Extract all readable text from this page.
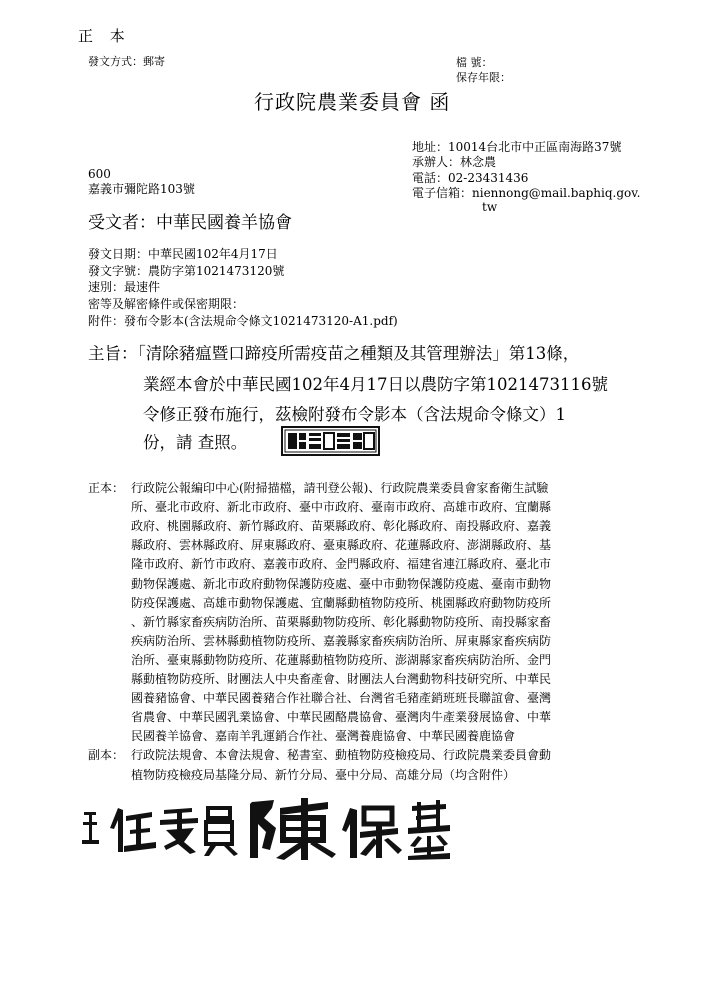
正 本
發文方式：郵寄	檔 號：
保存年限：
行政院農業委員會 函
地址：10014台北市中正區南海路37號
承辦人：林念農
電話：02-23431436
電子信箱：niennong@mail.baphiq.gov.
tw
600
嘉義市彌陀路103號
受文者：中華民國養羊協會
發文日期：中華民國102年4月17日
發文字號：農防字第1021473120號
速別：最速件
密等及解密條件或保密期限：
附件：發布令影本(含法規命令條文1021473120-A1.pdf)
主旨：「清除豬瘟暨口蹄疫所需疫苗之種類及其管理辦法」第13條，
業經本會於中華民國102年4月17日以農防字第1021473116號
令修正發布施行，茲檢附發布令影本（含法規命令條文）1
份，請 查照。
正本： 行政院公報編印中心(附掃描檔，請刊登公報)、行政院農業委員會家畜衛生試驗
所、臺北市政府、新北市政府、臺中市政府、臺南市政府、高雄市政府、宜蘭縣
政府、桃園縣政府、新竹縣政府、苗栗縣政府、彰化縣政府、南投縣政府、嘉義
縣政府、雲林縣政府、屏東縣政府、臺東縣政府、花蓮縣政府、澎湖縣政府、基
隆市政府、新竹市政府、嘉義市政府、金門縣政府、福建省連江縣政府、臺北市
動物保護處、新北市政府動物保護防疫處、臺中市動物保護防疫處、臺南市動物
防疫保護處、高雄市動物保護處、宜蘭縣動植物防疫所、桃園縣政府動物防疫所
、新竹縣家畜疾病防治所、苗栗縣動物防疫所、彰化縣動物防疫所、南投縣家畜
疾病防治所、雲林縣動植物防疫所、嘉義縣家畜疾病防治所、屏東縣家畜疾病防
治所、臺東縣動物防疫所、花蓮縣動植物防疫所、澎湖縣家畜疾病防治所、金門
縣動植物防疫所、財團法人中央畜產會、財團法人台灣動物科技研究所、中華民
國養豬協會、中華民國養豬合作社聯合社、台灣省毛豬產銷班班長聯誼會、臺灣
省農會、中華民國乳業協會、中華民國酪農協會、臺灣肉牛產業發展協會、中華
民國養羊協會、嘉南羊乳運銷合作社、臺灣養鹿協會、中華民國養鹿協會
副本： 行政院法規會、本會法規會、秘書室、動植物防疫檢疫局、行政院農業委員會動
植物防疫檢疫局基隆分局、新竹分局、臺中分局、高雄分局（均含附件）
